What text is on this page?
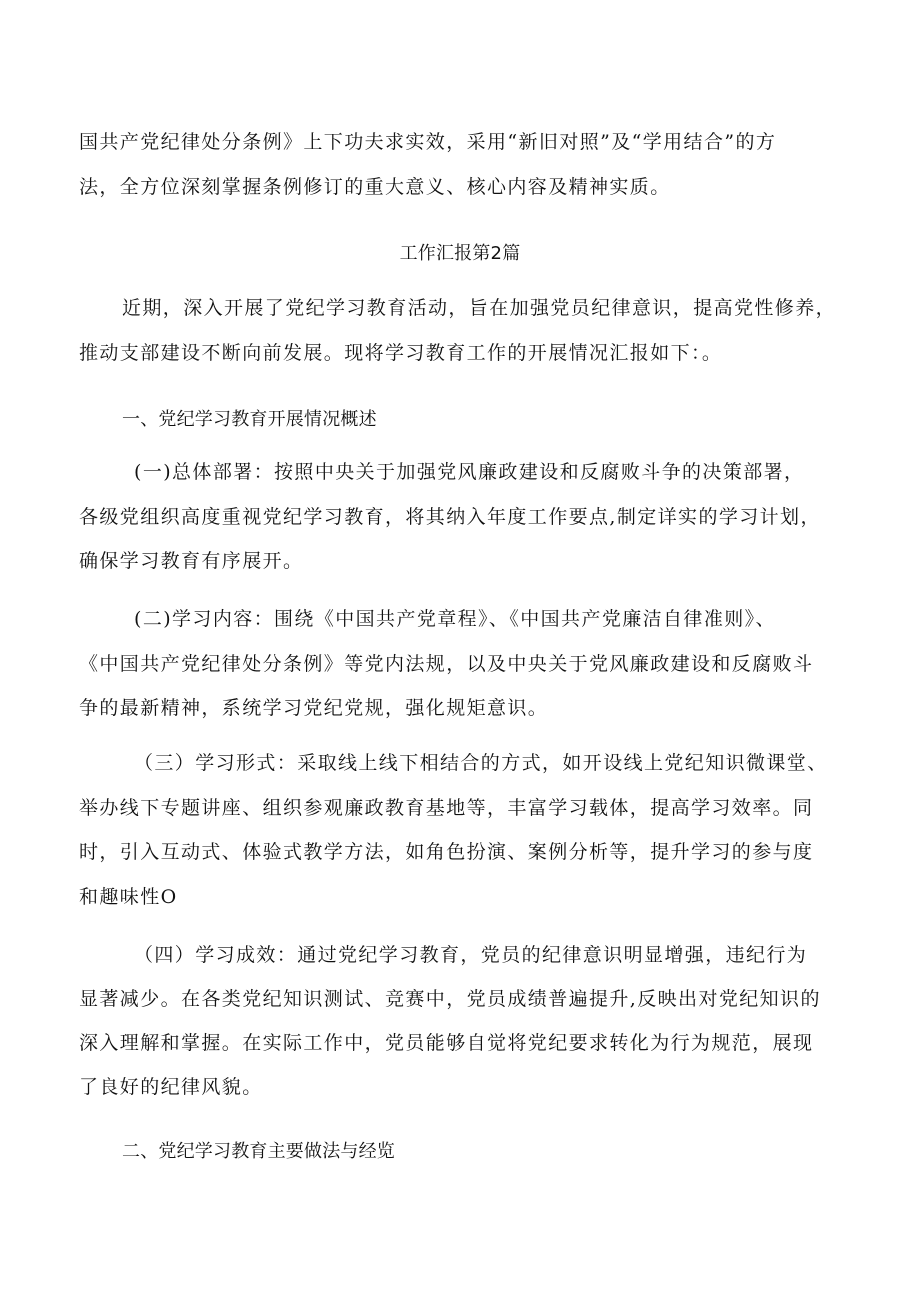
国共产党纪律处分条例》上下功夫求实效，采用“新旧对照”及“学用结合”的方
法，全方位深刻掌握条例修订的重大意义、核心内容及精神实质。
工作汇报第2篇
近期，深入开展了党纪学习教育活动，旨在加强党员纪律意识，提高党性修养，
推动支部建设不断向前发展。现将学习教育工作的开展情况汇报如下：。
一、党纪学习教育开展情况概述
(一)总体部署：按照中央关于加强党风廉政建设和反腐败斗争的决策部署，
各级党组织高度重视党纪学习教育，将其纳入年度工作要点,制定详实的学习计划，
确保学习教育有序展开。
(二)学习内容：围绕《中国共产党章程》、《中国共产党廉洁自律准则》、
《中国共产党纪律处分条例》等党内法规，以及中央关于党风廉政建设和反腐败斗
争的最新精神，系统学习党纪党规，强化规矩意识。
（三）学习形式：采取线上线下相结合的方式，如开设线上党纪知识微课堂、
举办线下专题讲座、组织参观廉政教育基地等，丰富学习载体，提高学习效率。同
时，引入互动式、体验式教学方法，如角色扮演、案例分析等，提升学习的参与度
和趣味性O
（四）学习成效：通过党纪学习教育，党员的纪律意识明显增强，违纪行为
显著减少。在各类党纪知识测试、竞赛中，党员成绩普遍提升,反映出对党纪知识的
深入理解和掌握。在实际工作中，党员能够自觉将党纪要求转化为行为规范，展现
了良好的纪律风貌。
二、党纪学习教育主要做法与经览
